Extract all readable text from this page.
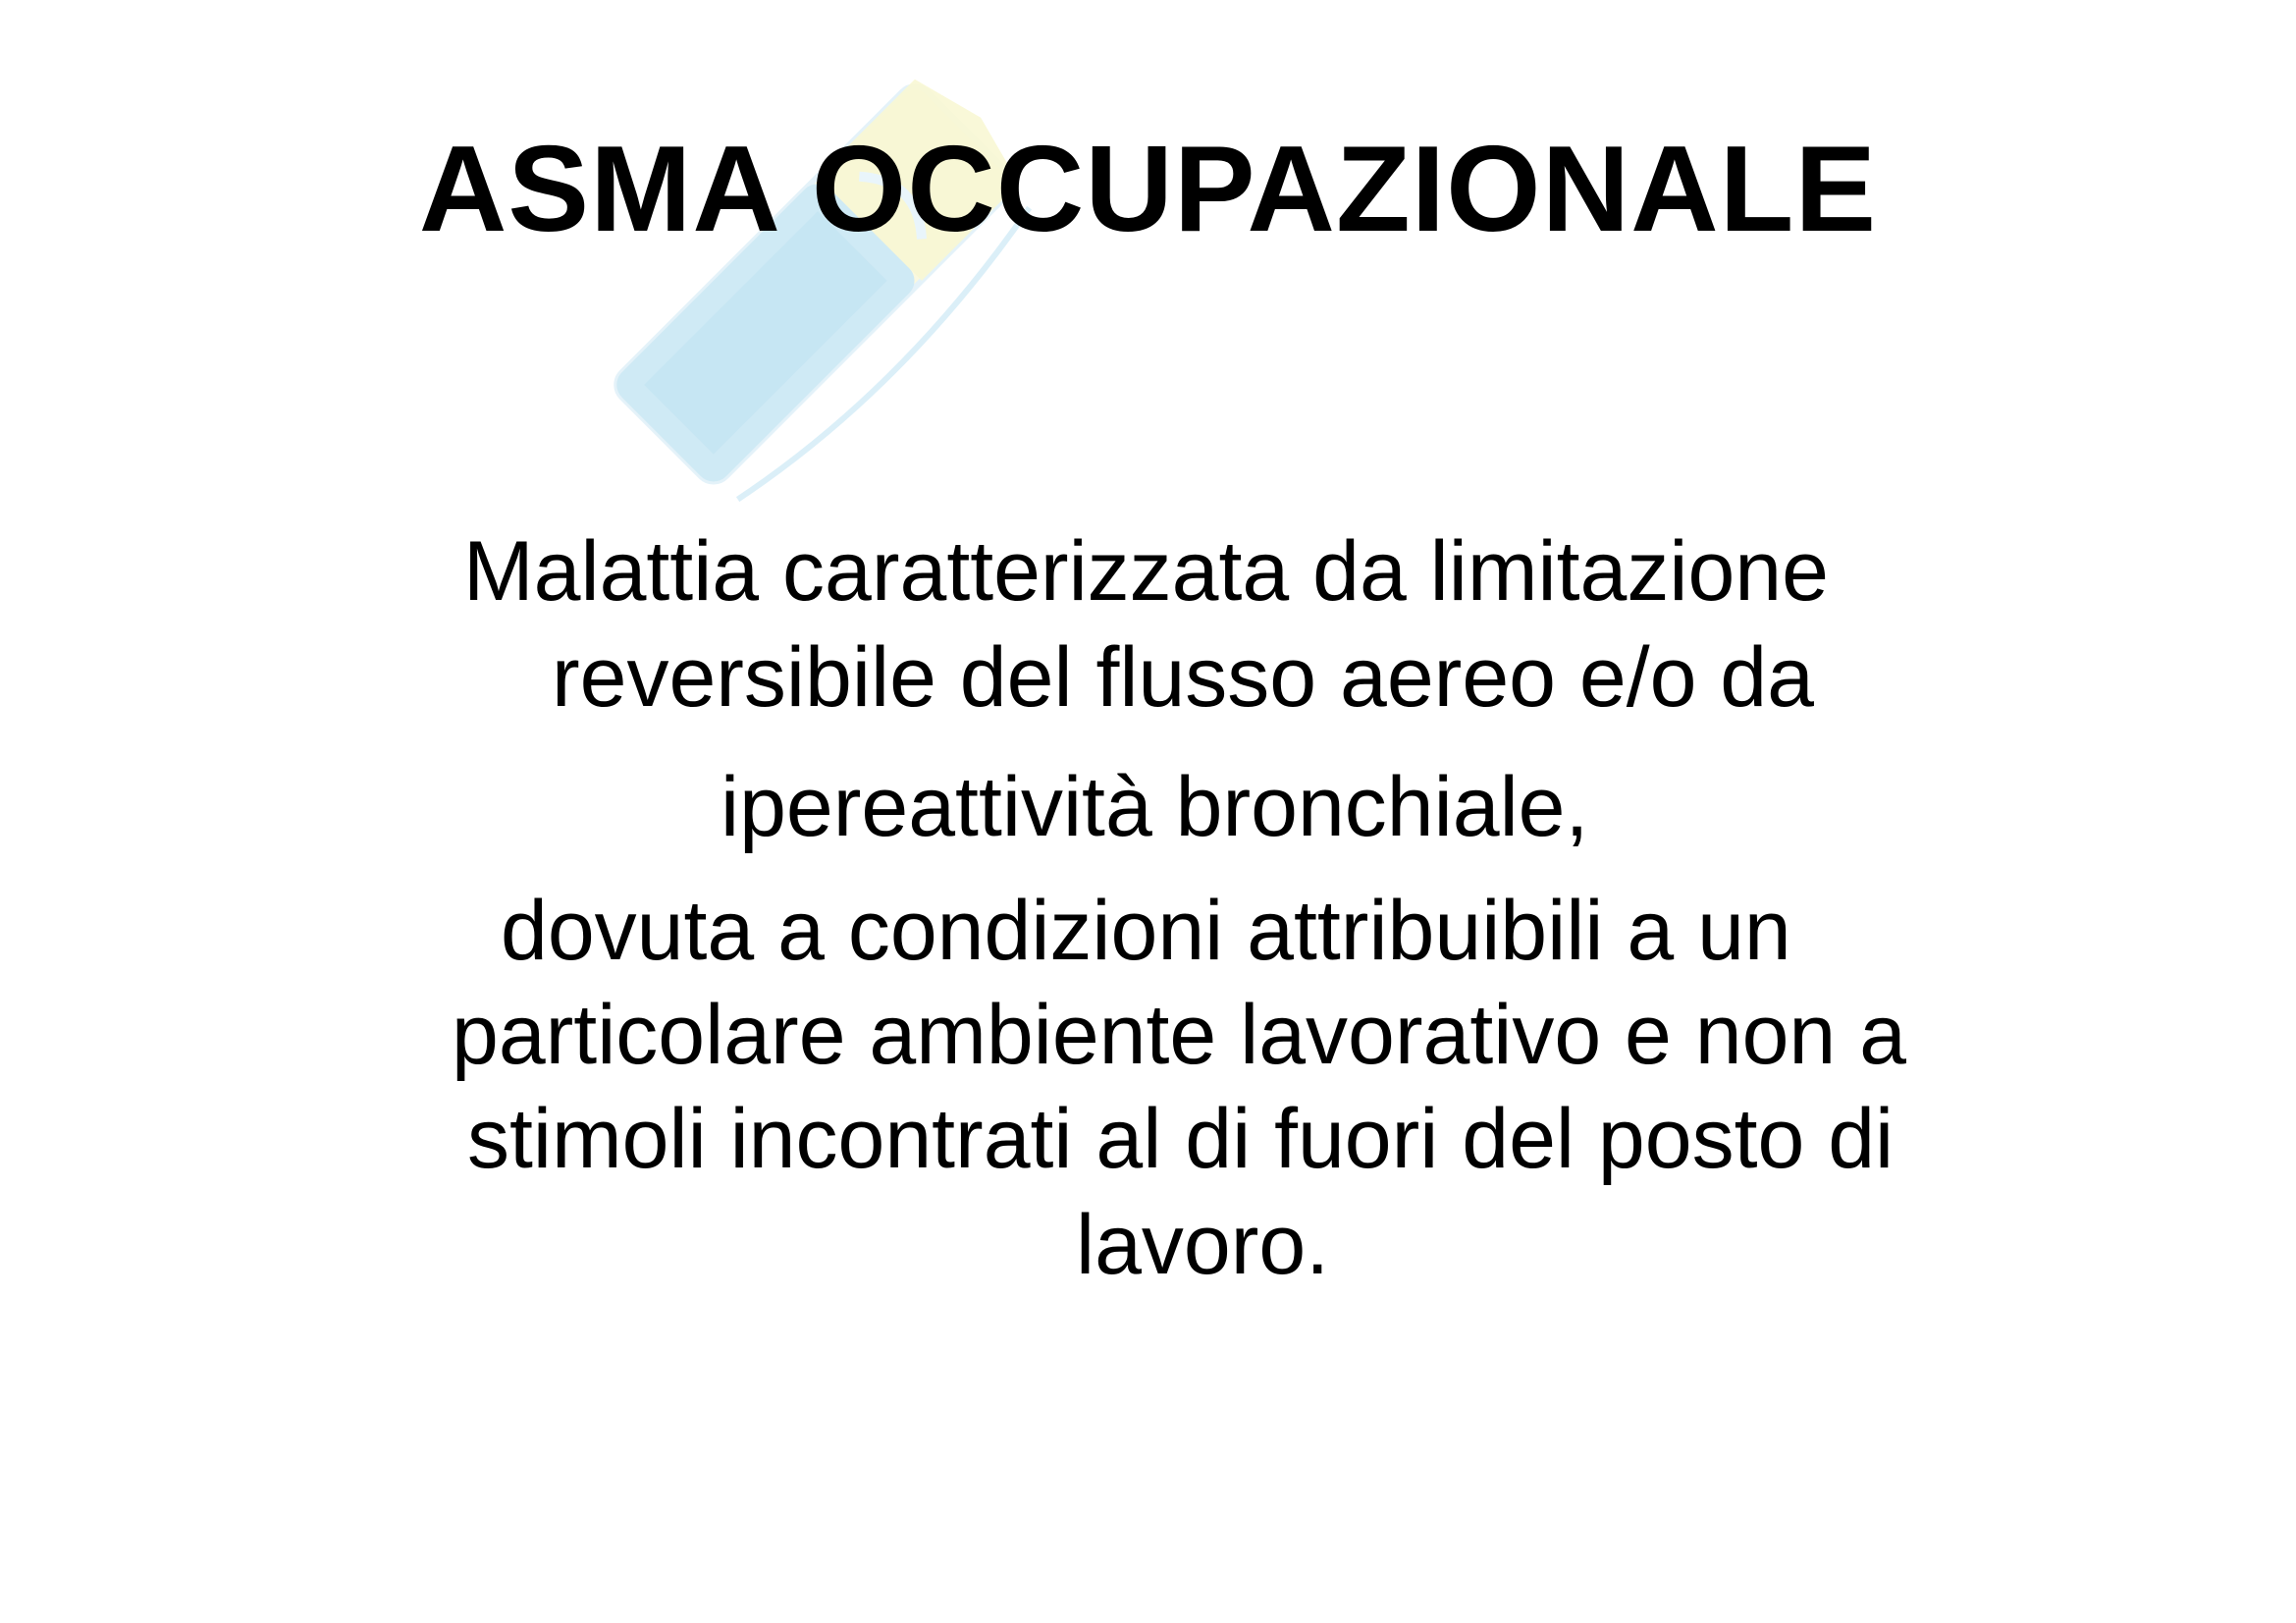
ASMA OCCUPAZIONALE

Malattia caratterizzata da limitazione

reversibile del flusso aereo e/o da

ipereattività bronchiale,

dovuta a condizioni attribuibili a un

particolare ambiente lavorativo e non a

stimoli incontrati al di fuori del posto di

lavoro.
